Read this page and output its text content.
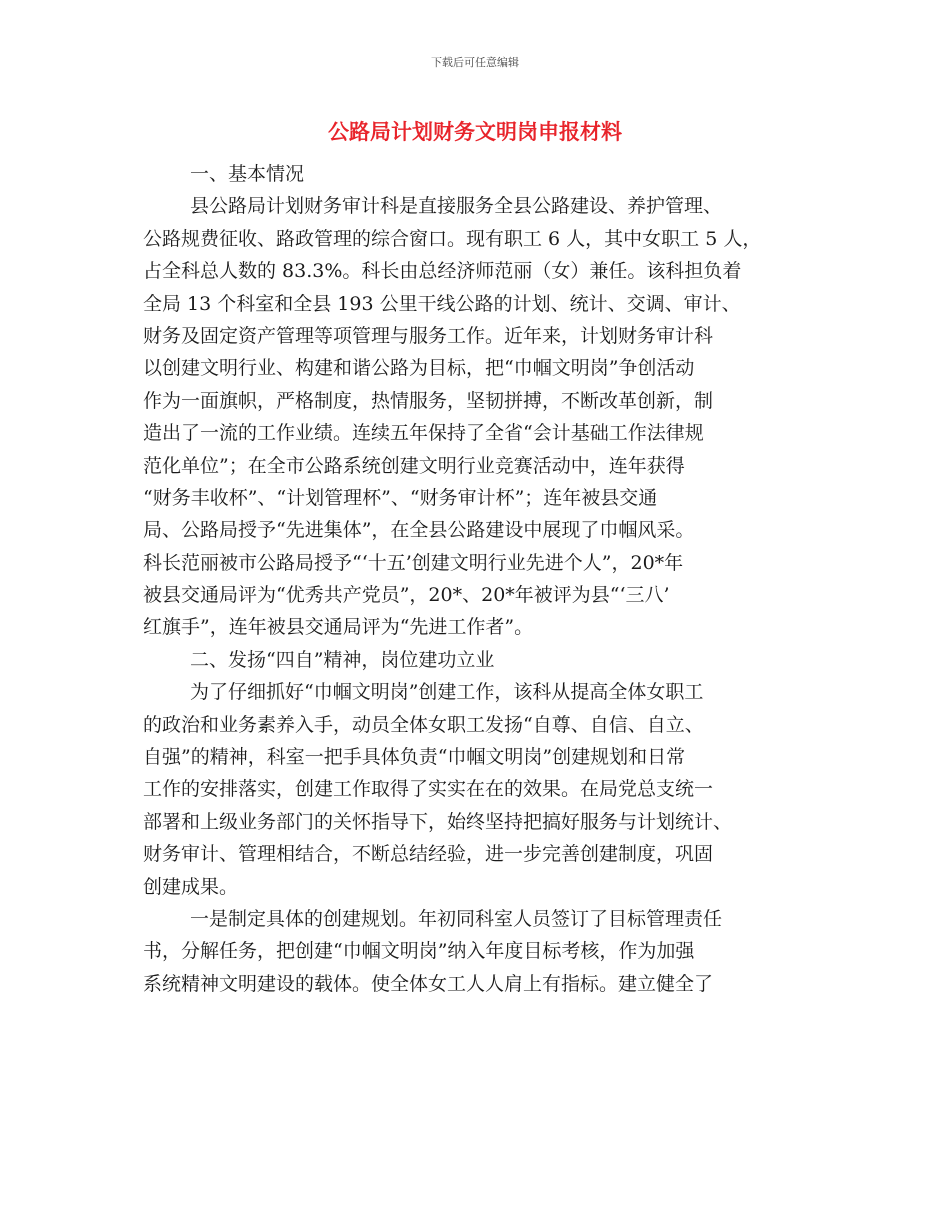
下载后可任意编辑
公路局计划财务文明岗申报材料
一、基本情况
县公路局计划财务审计科是直接服务全县公路建设、养护管理、
公路规费征收、路政管理的综合窗口。现有职工 6 人，其中女职工 5 人，
占全科总人数的 83.3%。科长由总经济师范丽（女）兼任。该科担负着
全局 13 个科室和全县 193 公里干线公路的计划、统计、交调、审计、
财务及固定资产管理等项管理与服务工作。近年来，计划财务审计科
以创建文明行业、构建和谐公路为目标，把“巾帼文明岗”争创活动
作为一面旗帜，严格制度，热情服务，坚韧拼搏，不断改革创新，制
造出了一流的工作业绩。连续五年保持了全省“会计基础工作法律规
范化单位”；在全市公路系统创建文明行业竞赛活动中，连年获得
“财务丰收杯”、“计划管理杯”、“财务审计杯”；连年被县交通
局、公路局授予“先进集体”，在全县公路建设中展现了巾帼风采。
科长范丽被市公路局授予“‘十五’创建文明行业先进个人”，20*年
被县交通局评为“优秀共产党员”，20*、20*年被评为县“‘三八’
红旗手”，连年被县交通局评为“先进工作者”。
二、发扬“四自”精神，岗位建功立业
为了仔细抓好“巾帼文明岗”创建工作，该科从提高全体女职工
的政治和业务素养入手，动员全体女职工发扬“自尊、自信、自立、
自强”的精神，科室一把手具体负责“巾帼文明岗”创建规划和日常
工作的安排落实，创建工作取得了实实在在的效果。在局党总支统一
部署和上级业务部门的关怀指导下，始终坚持把搞好服务与计划统计、
财务审计、管理相结合，不断总结经验，进一步完善创建制度，巩固
创建成果。
一是制定具体的创建规划。年初同科室人员签订了目标管理责任
书，分解任务，把创建“巾帼文明岗”纳入年度目标考核，作为加强
系统精神文明建设的载体。使全体女工人人肩上有指标。建立健全了
